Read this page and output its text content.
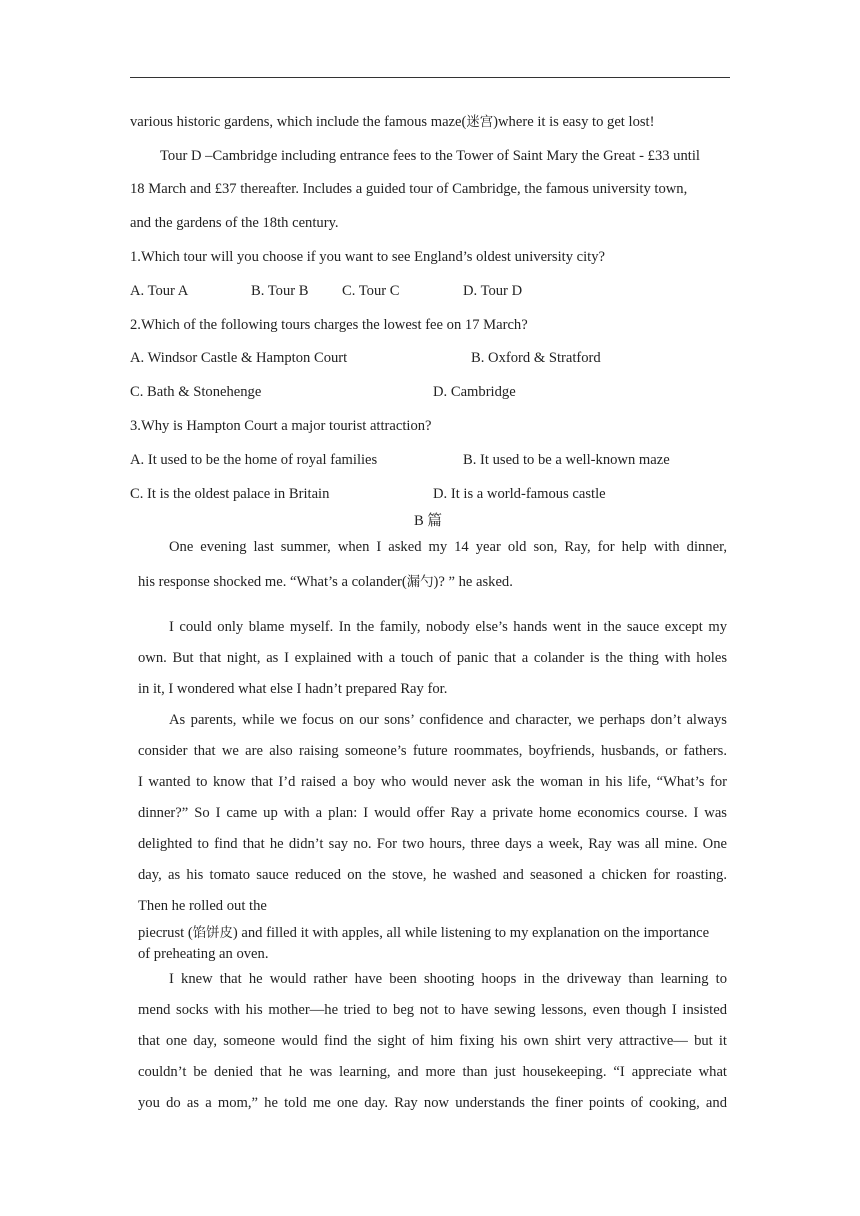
various historic gardens, which include the famous maze(迷宫)where it is easy to get lost!
Tour D –Cambridge including entrance fees to the Tower of Saint Mary the Great - £33 until
18 March and £37 thereafter. Includes a guided tour of Cambridge, the famous university town,
and the gardens of the 18th century.
1.Which tour will you choose if you want to see England’s oldest university city?
A. Tour A	B. Tour B C. Tour C	D. Tour D
2.Which of the following tours charges the lowest fee on 17 March?
A. Windsor Castle & Hampton Court	B. Oxford & Stratford
C. Bath & Stonehenge	D. Cambridge
3.Why is Hampton Court a major tourist attraction?
A. It used to be the home of royal families	B. It used to be a well-known maze
C. It is the oldest palace in Britain	D. It is a world-famous castle
B 篇
One evening last summer, when I asked my 14 year old son, Ray, for help with dinner,
his response shocked me. “What’s a colander(漏勺)? ” he asked.
I could only blame myself. In the family, nobody else’s hands went in the sauce except my
own. But that night, as I explained with a touch of panic that a colander is the thing with holes
in it, I wondered what else I hadn’t prepared Ray for.
As parents, while we focus on our sons’ confidence and character, we perhaps don’t always
consider that we are also raising someone’s future roommates, boyfriends, husbands, or fathers.
I wanted to know that I’d raised a boy who would never ask the woman in his life, “What’s for
dinner?” So I came up with a plan: I would offer Ray a private home economics course. I was
delighted to find that he didn’t say no. For two hours, three days a week, Ray was all mine. One
day, as his tomato sauce reduced on the stove, he washed and seasoned a chicken for roasting.
Then he rolled out the
piecrust (馅饼皮) and filled it with apples, all while listening to my explanation on the importance
of preheating an oven.
I knew that he would rather have been shooting hoops in the driveway than learning to
mend socks with his mother—he tried to beg not to have sewing lessons, even though I insisted
that one day, someone would find the sight of him fixing his own shirt very attractive— but it
couldn’t be denied that he was learning, and more than just housekeeping. “I appreciate what
you do as a mom,” he told me one day. Ray now understands the finer points of cooking, and
